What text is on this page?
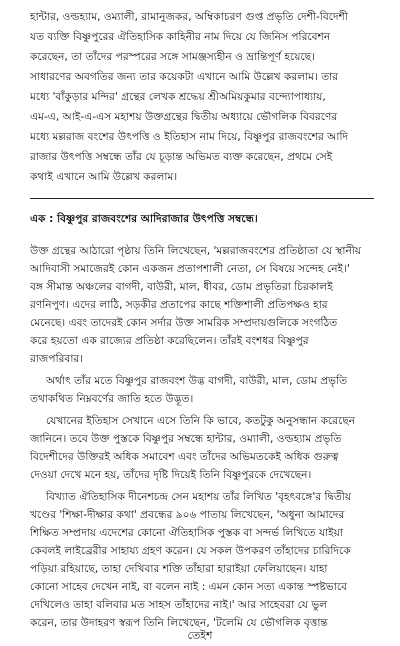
হান্টার, ওল্ডহ্যাম, ওম্যালী, রামানুজকর, অম্বিকাচরণ গুপ্ত প্রভৃতি দেশী-বিদেশী
যত ব্যক্তি বিষ্ণুপুরের ঐতিহাসিক কাহিনীর নাম দিয়ে যে জিনিস পরিবেশন
করেছেন, তা তাঁদের পরস্পরের সঙ্গে সামঞ্জস্যহীন ও ভ্রান্তিপূর্ণ হয়েছে।
সাধারণের অবগতির জন্য তার কয়েকটা এখানে আমি উল্লেখ করলাম। তার
মধ্যে 'বাঁকুড়ার মন্দির' গ্রন্থের লেখক শ্রদ্ধেয় শ্রীঅমিয়কুমার বন্দ্যোপাধ্যায়,
এম-এ, আই-এ-এস মহাশয় উক্তগ্রন্থের দ্বিতীয় অধ্যায়ে ভৌগলিক বিবরণের
মধ্যে মল্লরাজ বংশের উৎপত্তি ও ইতিহাস নাম দিয়ে, বিষ্ণুপুর রাজবংশের আদি
রাজার উৎপত্তি সম্বন্ধে তাঁর যে চূড়ান্ত অভিমত ব্যক্ত করেছেন, প্রথমে সেই
কথাই এখানে আমি উল্লেখ করলাম।
এক : বিষ্ণুপুর রাজবংশের আদিরাজার উৎপত্তি সম্বন্ধে।
উক্ত গ্রন্থের আঠারো পৃষ্ঠায় তিনি লিখেছেন, 'মল্লরাজবংশের প্রতিষ্ঠাতা যে স্থানীয়
আদিবাসী সমাজেরই কোন একজন প্রতাপশালী নেতা, সে বিষয়ে সন্দেহ নেই।'
বঙ্গ সীমান্ত অঞ্চলের বাগদী, বাউরী, মাল, ধীবর, ডোম প্রভৃতিরা চিরকালই
রণনিপুণ। এদের লাঠি, সড়কীর প্রতাপের কাছে শক্তিশালী প্রতিপক্ষও হার
মেনেছে। এবং তাদেরই কোন সর্দার উক্ত সামরিক সম্প্রদায়গুলিকে সংগঠিত
করে হয়তো এক রাজ্যের প্রতিষ্ঠা করেছিলেন। তাঁরই বংশধর বিষ্ণুপুর
রাজপরিবার।
অর্থাৎ তাঁর মতে বিষ্ণুপুর রাজবংশ উদ্ভ বাগদী, বাউরী, মাল, ডোম প্রভৃতি
তথাকথিত নিম্নবর্ণের জাতি হতে উদ্ভূত।
যেখানের ইতিহাস সেখানে এসে তিনি কি ভাবে, কতটুকু অনুসন্ধান করেছেন
জানিনে। তবে উক্ত পুস্তকে বিষ্ণুপুর সম্বন্ধে হান্টার, ওম্যালী, ওল্ডহ্যাম প্রভৃতি
বিদেশীদের উক্তিরই অধিক সমাবেশ এবং তাঁদের অভিমতকেই অধিক গুরুত্ব
দেওয়া দেখে মনে হয়, তাঁদের দৃষ্টি দিয়েই তিনি বিষ্ণুপুরকে দেখেছেন।
বিখ্যাত ঐতিহাসিক দীনেশচন্দ্র সেন মহাশয় তাঁর লিখিত 'বৃহৎবঙ্গে'র দ্বিতীয়
খণ্ডের 'শিক্ষা-দীক্ষার কথা' প্রবন্ধের ৯০৬ পাতায় লিখেছেন, 'অধুনা আমাদের
শিক্ষিত সম্প্রদায় এদেশের কোনো ঐতিহাসিক পুস্তক বা সন্দর্ভ লিখিতে যাইয়া
কেবলই লাইব্রেরীর সাহায্য গ্রহণ করেন। যে সকল উপকরণ তাঁহাদের চারিদিকে
পড়িয়া রহিয়াছে, তাহা দেখিবার শক্তি তাঁহারা হারাইয়া ফেলিয়াছেন। যাহা
কোনো সাহেব দেখেন নাই, বা বলেন নাই : এমন কোন সত্য একান্ত স্পষ্টভাবে
দেখিলেও তাহা বলিবার মত সাহস তাঁহাদের নাই।' আর সাহেবরা যে ভুল
করেন, তার উদাহরণ স্বরূপ তিনি লিখেছেন, 'টলেমি যে ভৌগলিক বৃত্তান্ত
তেইশ
